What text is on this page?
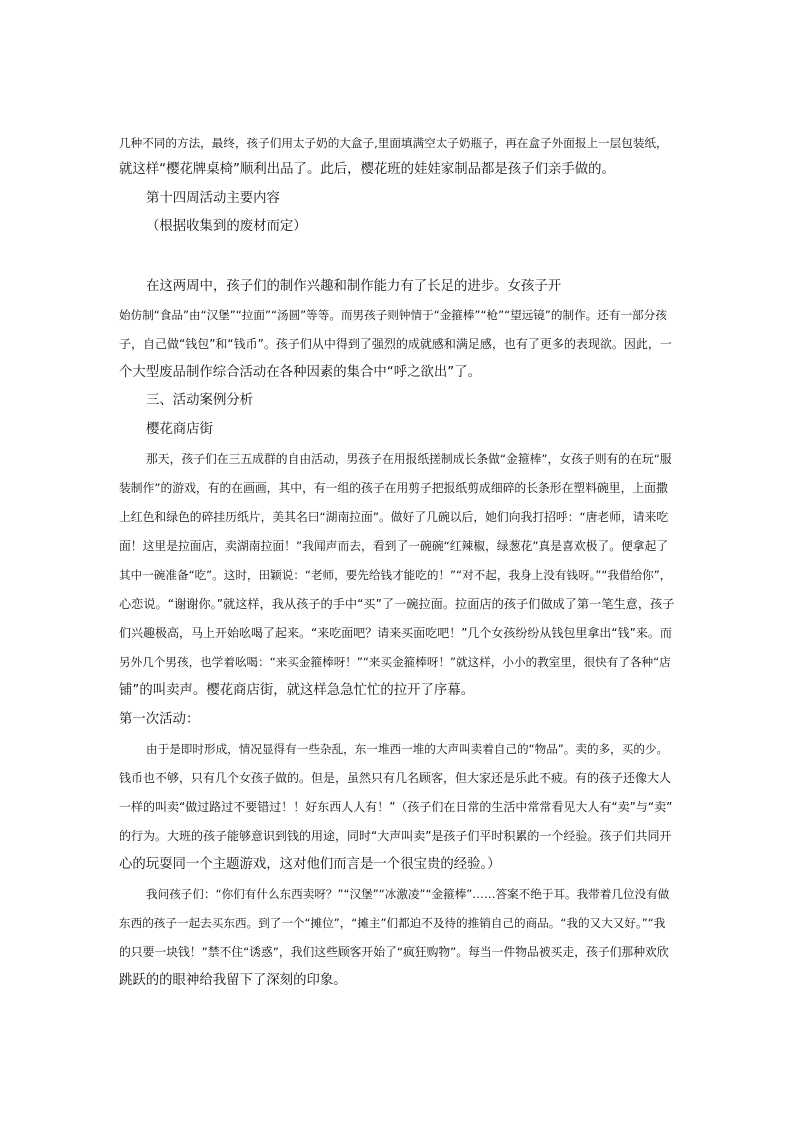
几种不同的方法，最终，孩子们用太子奶的大盒子,里面填满空太子奶瓶子，再在盒子外面报上一层包装纸，
就这样“樱花牌桌椅”顺利出品了。此后，樱花班的娃娃家制品都是孩子们亲手做的。
第十四周活动主要内容
（根据收集到的废材而定）
在这两周中，孩子们的制作兴趣和制作能力有了长足的进步。女孩子开
始仿制“食品”由“汉堡”“拉面”“汤圆”等等。而男孩子则钟情于“金箍棒”“枪”“望远镜”的制作。还有一部分孩
子，自己做“钱包”和“钱币”。孩子们从中得到了强烈的成就感和满足感，也有了更多的表现欲。因此，一
个大型废品制作综合活动在各种因素的集合中“呼之欲出”了。
三、活动案例分析
樱花商店街
那天，孩子们在三五成群的自由活动，男孩子在用报纸搓制成长条做“金箍棒”，女孩子则有的在玩“服
装制作”的游戏，有的在画画，其中，有一组的孩子在用剪子把报纸剪成细碎的长条形在塑料碗里，上面撒
上红色和绿色的碎挂历纸片，美其名曰“湖南拉面”。做好了几碗以后，她们向我打招呼：“唐老师，请来吃
面！这里是拉面店，卖湖南拉面！”我闻声而去，看到了一碗碗“红辣椒，绿葱花”真是喜欢极了。便拿起了
其中一碗准备“吃”。这时，田颖说：“老师，要先给钱才能吃的！”“对不起，我身上没有钱呀。”“我借给你”，
心恋说。“谢谢你。”就这样，我从孩子的手中“买”了一碗拉面。拉面店的孩子们做成了第一笔生意，孩子
们兴趣极高，马上开始吆喝了起来。“来吃面吧？请来买面吃吧！”几个女孩纷纷从钱包里拿出“钱”来。而
另外几个男孩，也学着吆喝：“来买金箍棒呀！”“来买金箍棒呀！”就这样，小小的教室里，很快有了各种“店
铺”的叫卖声。樱花商店街，就这样急急忙忙的拉开了序幕。
第一次活动：
由于是即时形成，情况显得有一些杂乱，东一堆西一堆的大声叫卖着自己的“物品”。卖的多，买的少。
钱币也不够，只有几个女孩子做的。但是，虽然只有几名顾客，但大家还是乐此不疲。有的孩子还像大人
一样的叫卖“做过路过不要错过！！好东西人人有！”（孩子们在日常的生活中常常看见大人有“卖”与“卖”
的行为。大班的孩子能够意识到钱的用途，同时“大声叫卖”是孩子们平时积累的一个经验。孩子们共同开
心的玩耍同一个主题游戏，这对他们而言是一个很宝贵的经验。）
我问孩子们：“你们有什么东西卖呀？”“汉堡”“冰激凌”“金箍棒”……答案不绝于耳。我带着几位没有做
东西的孩子一起去买东西。到了一个“摊位”，“摊主”们都迫不及待的推销自己的商品。“我的又大又好。”“我
的只要一块钱！”禁不住“诱惑”，我们这些顾客开始了“疯狂购物”。每当一件物品被买走，孩子们那种欢欣
跳跃的的眼神给我留下了深刻的印象。
